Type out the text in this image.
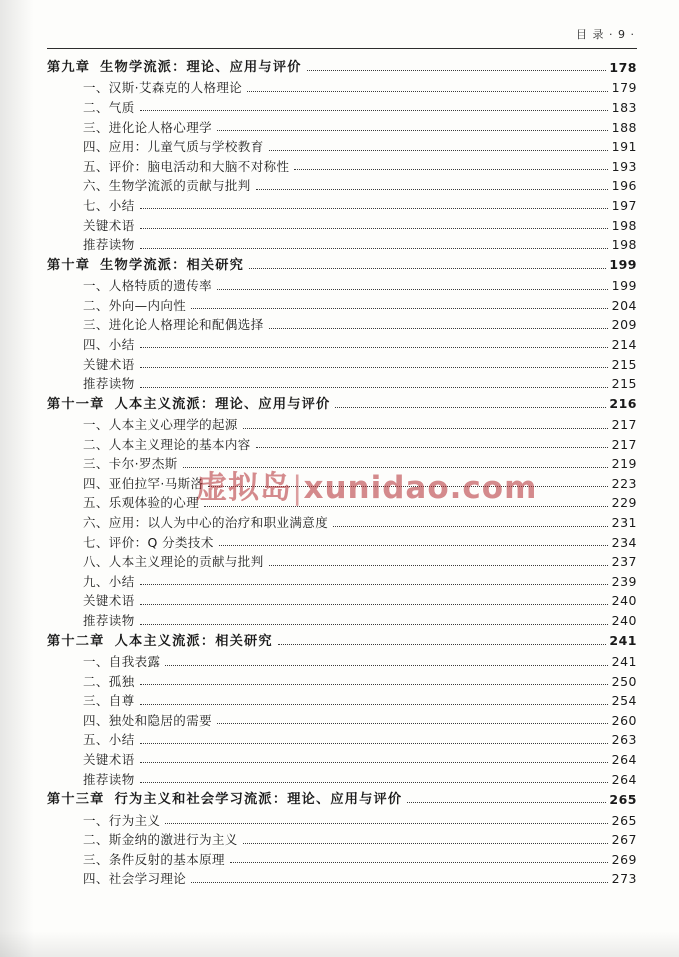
目 录 · 9 ·
第九章 生物学流派：理论、应用与评价	178
一、汉斯·艾森克的人格理论	179
二、气质	183
三、进化论人格心理学	188
四、应用：儿童气质与学校教育	191
五、评价：脑电活动和大脑不对称性	193
六、生物学流派的贡献与批判	196
七、小结	197
关键术语	198
推荐读物	198
第十章 生物学流派：相关研究	199
一、人格特质的遗传率	199
二、外向—内向性	204
三、进化论人格理论和配偶选择	209
四、小结	214
关键术语	215
推荐读物	215
第十一章 人本主义流派：理论、应用与评价	216
一、人本主义心理学的起源	217
二、人本主义理论的基本内容	217
三、卡尔·罗杰斯	219
四、亚伯拉罕·马斯洛	223
五、乐观体验的心理	229
六、应用：以人为中心的治疗和职业满意度	231
七、评价：Q 分类技术	234
八、人本主义理论的贡献与批判	237
九、小结	239
关键术语	240
推荐读物	240
第十二章 人本主义流派：相关研究	241
一、自我表露	241
二、孤独	250
三、自尊	254
四、独处和隐居的需要	260
五、小结	263
关键术语	264
推荐读物	264
第十三章 行为主义和社会学习流派：理论、应用与评价	265
一、行为主义	265
二、斯金纳的激进行为主义	267
三、条件反射的基本原理	269
四、社会学习理论	273
虚拟岛|xunidao.com
